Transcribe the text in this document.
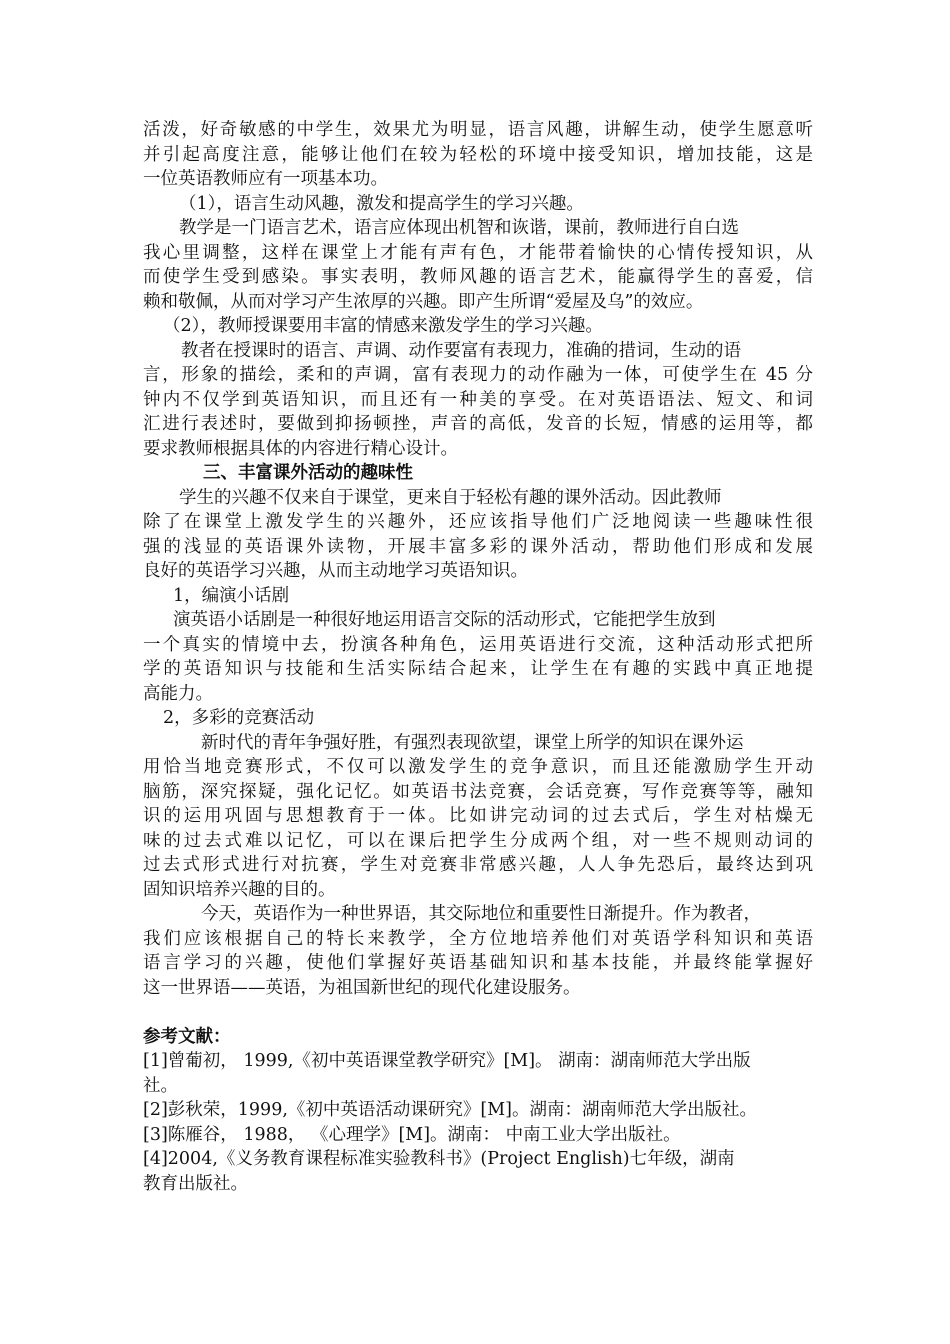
活泼，好奇敏感的中学生，效果尤为明显，语言风趣，讲解生动，使学生愿意听
并引起高度注意，能够让他们在较为轻松的环境中接受知识，增加技能，这是
一位英语教师应有一项基本功。
（1），语言生动风趣，激发和提高学生的学习兴趣。
教学是一门语言艺术，语言应体现出机智和诙谐，课前，教师进行自白选
我心里调整，这样在课堂上才能有声有色，才能带着愉快的心情传授知识，从
而使学生受到感染。事实表明，教师风趣的语言艺术，能赢得学生的喜爱，信
赖和敬佩，从而对学习产生浓厚的兴趣。即产生所谓“爱屋及乌”的效应。
（2），教师授课要用丰富的情感来激发学生的学习兴趣。
教者在授课时的语言、声调、动作要富有表现力，准确的措词，生动的语
言，形象的描绘，柔和的声调，富有表现力的动作融为一体，可使学生在 45 分
钟内不仅学到英语知识，而且还有一种美的享受。在对英语语法、短文、和词
汇进行表述时，要做到抑扬顿挫，声音的高低，发音的长短，情感的运用等，都
要求教师根据具体的内容进行精心设计。
三、丰富课外活动的趣味性
学生的兴趣不仅来自于课堂，更来自于轻松有趣的课外活动。因此教师
除了在课堂上激发学生的兴趣外，还应该指导他们广泛地阅读一些趣味性很
强的浅显的英语课外读物，开展丰富多彩的课外活动，帮助他们形成和发展
良好的英语学习兴趣，从而主动地学习英语知识。
1，编演小话剧
演英语小话剧是一种很好地运用语言交际的活动形式，它能把学生放到
一个真实的情境中去，扮演各种角色，运用英语进行交流，这种活动形式把所
学的英语知识与技能和生活实际结合起来，让学生在有趣的实践中真正地提
高能力。
2，多彩的竞赛活动
新时代的青年争强好胜，有强烈表现欲望，课堂上所学的知识在课外运
用恰当地竞赛形式，不仅可以激发学生的竞争意识，而且还能激励学生开动
脑筋，深究探疑，强化记忆。如英语书法竞赛，会话竞赛，写作竞赛等等，融知
识的运用巩固与思想教育于一体。比如讲完动词的过去式后，学生对枯燥无
味的过去式难以记忆，可以在课后把学生分成两个组，对一些不规则动词的
过去式形式进行对抗赛，学生对竞赛非常感兴趣，人人争先恐后，最终达到巩
固知识培养兴趣的目的。
今天，英语作为一种世界语，其交际地位和重要性日渐提升。作为教者，
我们应该根据自己的特长来教学，全方位地培养他们对英语学科知识和英语
语言学习的兴趣，使他们掌握好英语基础知识和基本技能，并最终能掌握好
这一世界语——英语，为祖国新世纪的现代化建设服务。
参考文献：
[1]曾葡初， 1999,《初中英语课堂教学研究》[M]。 湖南：湖南师范大学出版
社。
[2]彭秋荣，1999,《初中英语活动课研究》[M]。湖南：湖南师范大学出版社。
[3]陈雁谷， 1988， 《心理学》[M]。湖南： 中南工业大学出版社。
[4]2004,《义务教育课程标准实验教科书》(Project English)七年级，湖南
教育出版社。
